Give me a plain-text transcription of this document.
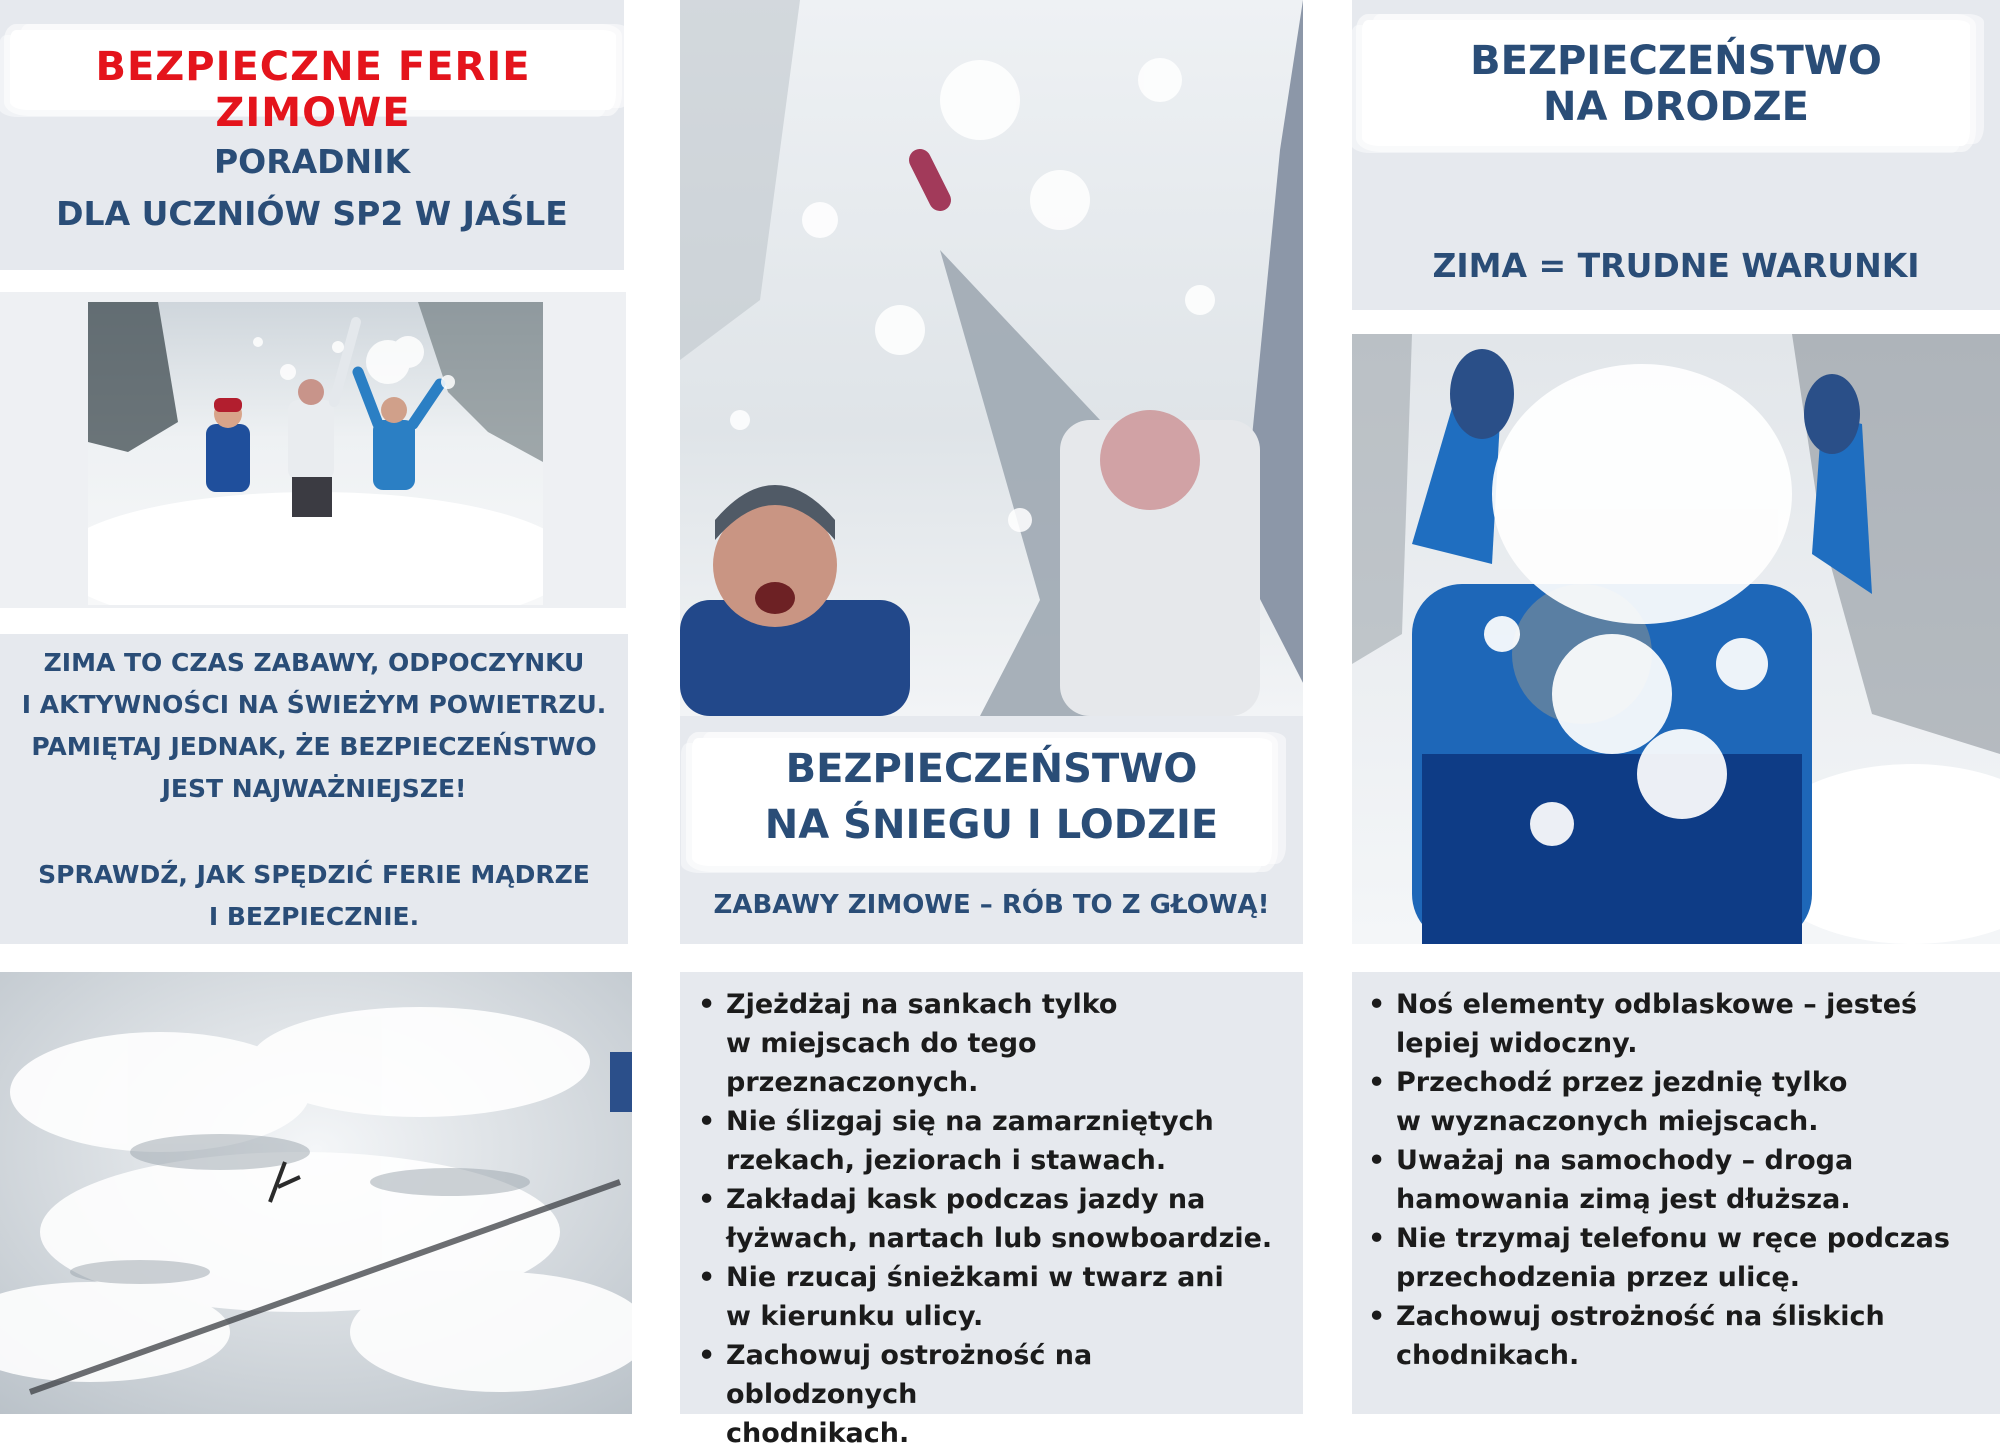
BEZPIECZNE FERIE ZIMOWE
PORADNIK
DLA UCZNIÓW SP2 W JAŚLE
ZIMA TO CZAS ZABAWY, ODPOCZYNKU
I AKTYWNOŚCI NA ŚWIEŻYM POWIETRZU.
PAMIĘTAJ JEDNAK, ŻE BEZPIECZEŃSTWO
JEST NAJWAŻNIEJSZE!
SPRAWDŹ, JAK SPĘDZIĆ FERIE MĄDRZE
I BEZPIECZNIE.
BEZPIECZEŃSTWO
NA ŚNIEGU I LODZIE
ZABAWY ZIMOWE – RÓB TO Z GŁOWĄ!
• Zjeżdżaj na sankach tylko
w miejscach do tego przeznaczonych.
• Nie ślizgaj się na zamarzniętych
rzekach, jeziorach i stawach.
• Zakładaj kask podczas jazdy na
łyżwach, nartach lub snowboardzie.
• Nie rzucaj śnieżkami w twarz ani
w kierunku ulicy.
• Zachowuj ostrożność na oblodzonych
chodnikach.
BEZPIECZEŃSTWO
NA DRODZE
ZIMA = TRUDNE WARUNKI
• Noś elementy odblaskowe – jesteś
lepiej widoczny.
• Przechodź przez jezdnię tylko
w wyznaczonych miejscach.
• Uważaj na samochody – droga
hamowania zimą jest dłuższa.
• Nie trzymaj telefonu w ręce podczas
przechodzenia przez ulicę.
• Zachowuj ostrożność na śliskich
chodnikach.
